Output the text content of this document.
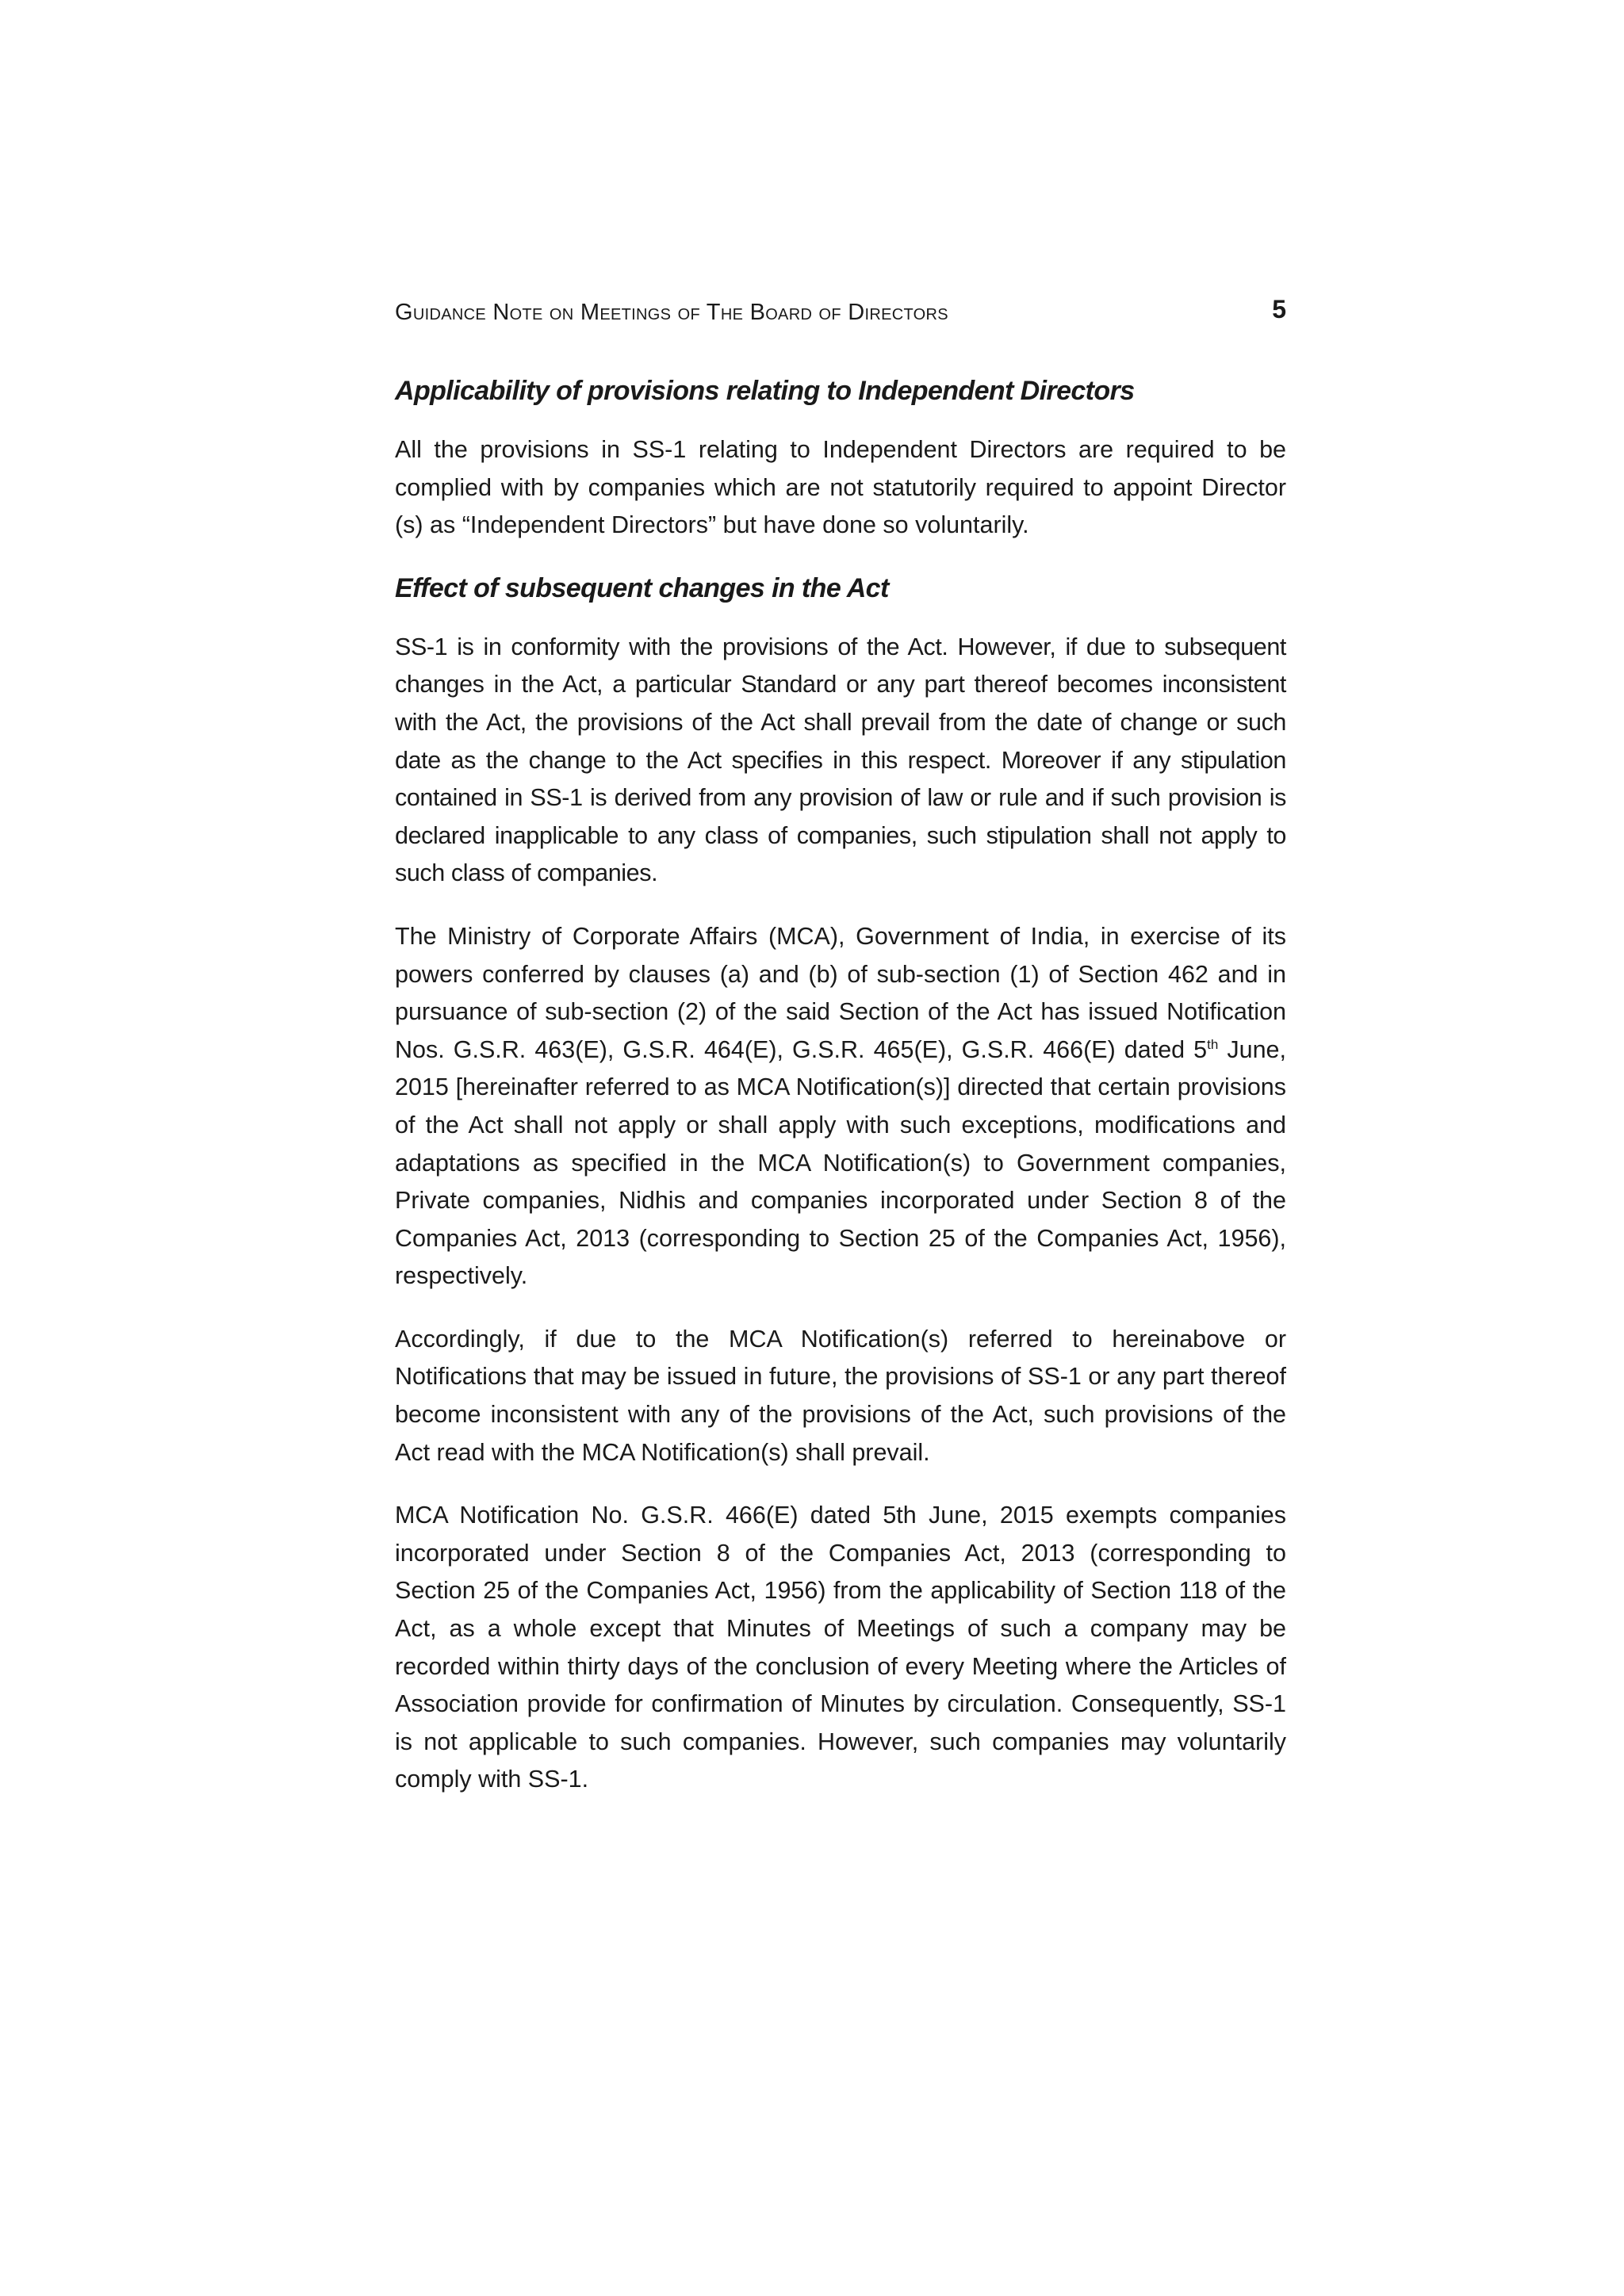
Guidance Note on Meetings of The Board of Directors	5
Applicability of provisions relating to Independent Directors

All the provisions in SS-1 relating to Independent Directors are required to be complied with by companies which are not statutorily required to appoint Director (s) as “Independent Directors” but have done so voluntarily.

Effect of subsequent changes in the Act

SS-1 is in conformity with the provisions of the Act. However, if due to subsequent changes in the Act, a particular Standard or any part thereof becomes inconsistent with the Act, the provisions of the Act shall prevail from the date of change or such date as the change to the Act specifies in this respect. Moreover if any stipulation contained in SS-1 is derived from any provision of law or rule and if such provision is declared inapplicable to any class of companies, such stipulation shall not apply to such class of companies.

The Ministry of Corporate Affairs (MCA), Government of India, in exercise of its powers conferred by clauses (a) and (b) of sub-section (1) of Section 462 and in pursuance of sub-section (2) of the said Section of the Act has issued Notification Nos. G.S.R. 463(E), G.S.R. 464(E), G.S.R. 465(E), G.S.R. 466(E) dated 5th June, 2015 [hereinafter referred to as MCA Notification(s)] directed that certain provisions of the Act shall not apply or shall apply with such exceptions, modifications and adaptations as specified in the MCA Notification(s) to Government companies, Private companies, Nidhis and companies incorporated under Section 8 of the Companies Act, 2013 (corresponding to Section 25 of the Companies Act, 1956), respectively.

Accordingly, if due to the MCA Notification(s) referred to hereinabove or Notifications that may be issued in future, the provisions of SS-1 or any part thereof become inconsistent with any of the provisions of the Act, such provisions of the Act read with the MCA Notification(s) shall prevail.

MCA Notification No. G.S.R. 466(E) dated 5th June, 2015 exempts companies incorporated under Section 8 of the Companies Act, 2013 (corresponding to Section 25 of the Companies Act, 1956) from the applicability of Section 118 of the Act, as a whole except that Minutes of Meetings of such a company may be recorded within thirty days of the conclusion of every Meeting where the Articles of Association provide for confirmation of Minutes by circulation. Consequently, SS-1 is not applicable to such companies. However, such companies may voluntarily comply with SS-1.
